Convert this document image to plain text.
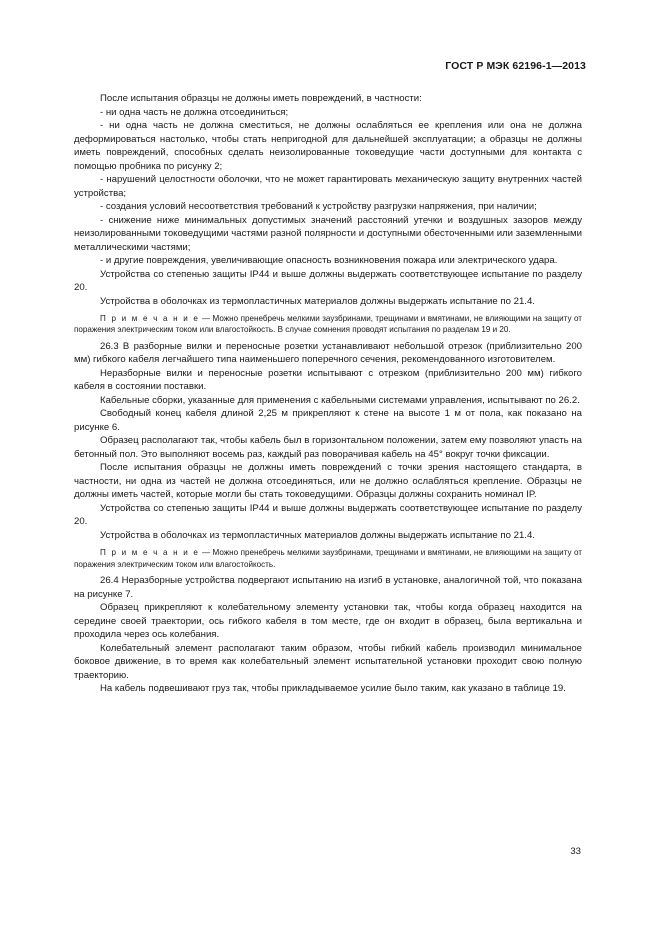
ГОСТ Р МЭК 62196-1—2013

После испытания образцы не должны иметь повреждений, в частности:

- ни одна часть не должна отсоединиться;

- ни одна часть не должна сместиться, не должны ослабляться ее крепления или она не должна деформироваться настолько, чтобы стать непригодной для дальнейшей эксплуатации; а образцы не должны иметь повреждений, способных сделать неизолированные токоведущие части доступными для контакта с помощью пробника по рисунку 2;

- нарушений целостности оболочки, что не может гарантировать механическую защиту внутренних частей устройства;

- создания условий несоответствия требований к устройству разгрузки напряжения, при наличии;

- снижение ниже минимальных допустимых значений расстояний утечки и воздушных зазоров между неизолированными токоведущими частями разной полярности и доступными обесточенными или заземленными металлическими частями;

- и другие повреждения, увеличивающие опасность возникновения пожара или электрического удара.

Устройства со степенью защиты IP44 и выше должны выдержать соответствующее испытание по разделу 20.

Устройства в оболочках из термопластичных материалов должны выдержать испытание по 21.4.

П р и м е ч а н и е — Можно пренебречь мелкими заузбринами, трещинами и вмятинами, не влияющими на защиту от поражения электрическим током или влагостойкость. В случае сомнения проводят испытания по разделам 19 и 20.

26.3 В разборные вилки и переносные розетки устанавливают небольшой отрезок (приблизительно 200 мм) гибкого кабеля легчайшего типа наименьшего поперечного сечения, рекомендованного изготовителем.

Неразборные вилки и переносные розетки испытывают с отрезком (приблизительно 200 мм) гибкого кабеля в состоянии поставки.

Кабельные сборки, указанные для применения с кабельными системами управления, испытывают по 26.2.

Свободный конец кабеля длиной 2,25 м прикрепляют к стене на высоте 1 м от пола, как показано на рисунке 6.

Образец располагают так, чтобы кабель был в горизонтальном положении, затем ему позволяют упасть на бетонный пол. Это выполняют восемь раз, каждый раз поворачивая кабель на 45° вокруг точки фиксации.

После испытания образцы не должны иметь повреждений с точки зрения настоящего стандарта, в частности, ни одна из частей не должна отсоединяться, или не должно ослабляться крепление. Образцы не должны иметь частей, которые могли бы стать токоведущими. Образцы должны сохранить номинал IP.

Устройства со степенью защиты IP44 и выше должны выдержать соответствующее испытание по разделу 20.

Устройства в оболочках из термопластичных материалов должны выдержать испытание по 21.4.

П р и м е ч а н и е — Можно пренебречь мелкими заузбринами, трещинами и вмятинами, не влияющими на защиту от поражения электрическим током или влагостойкость.

26.4 Неразборные устройства подвергают испытанию на изгиб в установке, аналогичной той, что показана на рисунке 7.

Образец прикрепляют к колебательному элементу установки так, чтобы когда образец находится на середине своей траектории, ось гибкого кабеля в том месте, где он входит в образец, была вертикальна и проходила через ось колебания.

Колебательный элемент располагают таким образом, чтобы гибкий кабель производил минимальное боковое движение, в то время как колебательный элемент испытательной установки проходит свою полную траекторию.

На кабель подвешивают груз так, чтобы прикладываемое усилие было таким, как указано в таблице 19.

33
